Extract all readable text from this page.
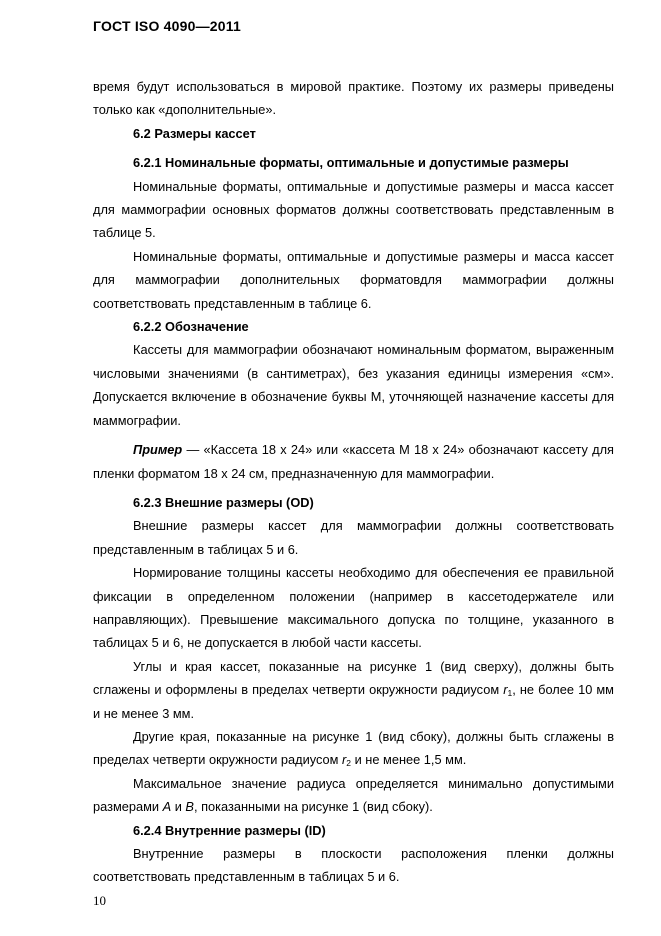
ГОСТ ISO 4090—2011

время будут использоваться в мировой практике. Поэтому их размеры приведены только как «дополнительные».

6.2 Размеры кассет

6.2.1 Номинальные форматы, оптимальные и допустимые размеры

Номинальные форматы, оптимальные и допустимые размеры и масса кассет для маммографии основных форматов должны соответствовать представленным в таблице 5.

Номинальные форматы, оптимальные и допустимые размеры и масса кассет для маммографии дополнительных форматовдля маммографии должны соответствовать представленным в таблице 6.

6.2.2 Обозначение

Кассеты для маммографии обозначают номинальным форматом, выраженным числовыми значениями (в сантиметрах), без указания единицы измерения «см». Допускается включение в обозначение буквы М, уточняющей назначение кассеты для маммографии.

Пример — «Кассета 18 х 24» или «кассета М 18 х 24» обозначают кассету для пленки форматом 18 х 24 см, предназначенную для маммографии.

6.2.3 Внешние размеры (OD)

Внешние размеры кассет для маммографии должны соответствовать представленным в таблицах 5 и 6.

Нормирование толщины кассеты необходимо для обеспечения ее правильной фиксации в определенном положении (например в кассетодержателе или направляющих). Превышение максимального допуска по толщине, указанного в таблицах 5 и 6, не допускается в любой части кассеты.

Углы и края кассет, показанные на рисунке 1 (вид сверху), должны быть сглажены и оформлены в пределах четверти окружности радиусом $r_1$, не более 10 мм и не менее 3 мм.

Другие края, показанные на рисунке 1 (вид сбоку), должны быть сглажены в пределах четверти окружности радиусом $r_2$ и не менее 1,5 мм.

Максимальное значение радиуса определяется минимально допустимыми размерами A и B, показанными на рисунке 1 (вид сбоку).

6.2.4 Внутренние размеры (ID)

Внутренние размеры в плоскости расположения пленки должны соответствовать представленным в таблицах 5 и 6.

10
